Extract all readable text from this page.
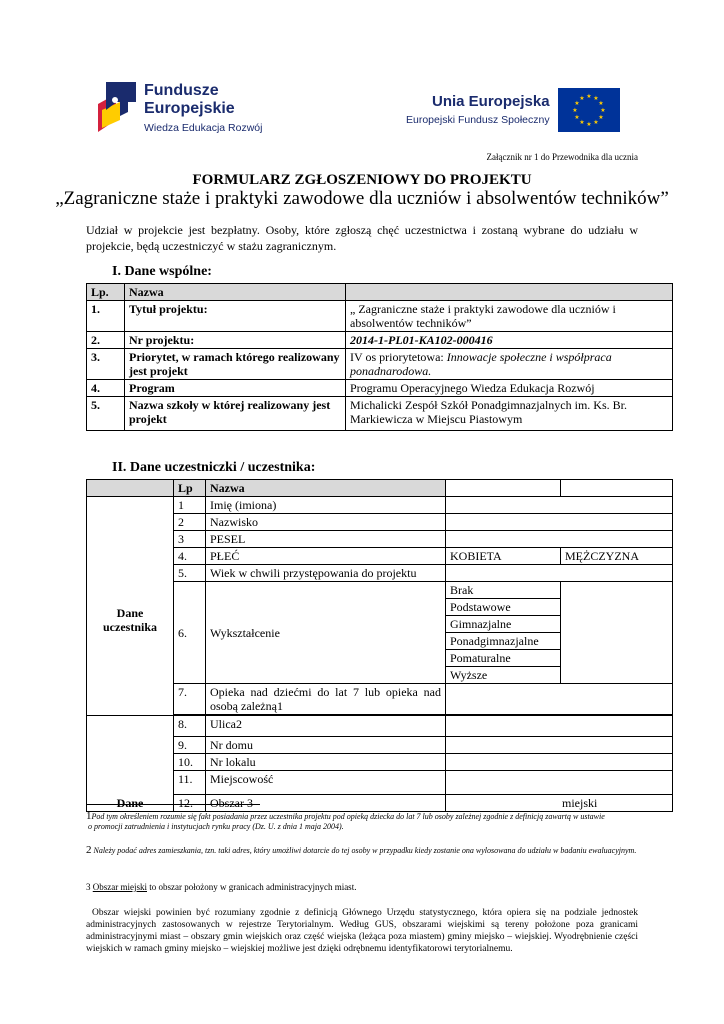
Fundusze
Europejskie
Wiedza Edukacja Rozwój
Unia Europejska
Europejski Fundusz Społeczny
★ ★
★
★
★
★
★
★
★
★
★
★
Załącznik nr 1 do Przewodnika dla ucznia
FORMULARZ ZGŁOSZENIOWY DO PROJEKTU
„Zagraniczne staże i praktyki zawodowe dla uczniów i absolwentów techników”
Udział w projekcie jest bezpłatny. Osoby, które zgłoszą chęć uczestnictwa i zostaną wybrane do udziału w projekcie, będą uczestniczyć w stażu zagranicznym.
I. Dane wspólne:
Lp.	Nazwa	
1.	Tytuł projektu:	„ Zagraniczne staże i praktyki zawodowe dla uczniów i absolwentów techników”
2.	Nr projektu:	2014-1-PL01-KA102-000416
3.	Priorytet, w ramach którego realizowany jest projekt	IV os priorytetowa: Innowacje społeczne i współpraca ponadnarodowa.
4.	Program	Programu Operacyjnego Wiedza Edukacja Rozwój
5.	Nazwa szkoły w której realizowany jest projekt	Michalicki Zespół Szkół Ponadgimnazjalnych im. Ks. Br. Markiewicza w Miejscu Piastowym
II. Dane uczestniczki / uczestnika:
	Lp	Nazwa		
Dane uczestnika	1	Imię (imiona)		
	2	Nazwisko		
	3	PESEL		
	4.	PŁEĆ	KOBIETA	MĘŻCZYZNA
	5.	Wiek w chwili przystępowania do projektu		
	6.	Wykształcenie	Brak	
			Podstawowe	
			Gimnazjalne	
			Ponadgimnazjalne	
			Pomaturalne	
			Wyższe	
	7.	Opieka nad dziećmi do lat 7 lub opieka nad osobą zależną1		

Dane	8.	Ulica2		
	9.	Nr domu		
	10.	Nr lokalu		
	11.	Miejscowość		
	12.	Obszar 3	miejski	
1Pod tym określeniem rozumie się fakt posiadania przez uczestnika projektu pod opieką dziecka do lat 7 lub osoby zależnej zgodnie z definicją zawartą w ustawie
o promocji zatrudnienia i instytucjach rynku pracy (Dz. U. z dnia 1 maja 2004).
2 Należy podać adres zamieszkania, tzn. taki adres, który umożliwi dotarcie do tej osoby w przypadku kiedy zostanie ona wylosowana do udziału w badaniu ewaluacyjnym.
3 Obszar miejski to obszar położony w granicach administracyjnych miast.
Obszar wiejski powinien być rozumiany zgodnie z definicją Głównego Urzędu statystycznego, która opiera się na podziale jednostek administracyjnych zastosowanych w rejestrze Terytorialnym. Według GUS, obszarami wiejskimi są tereny położone poza granicami administracyjnymi miast – obszary gmin wiejskich oraz część wiejska (leżąca poza miastem) gminy miejsko – wiejskiej. Wyodrębnienie części wiejskich w ramach gminy miejsko – wiejskiej możliwe jest dzięki odrębnemu identyfikatorowi terytorialnemu.
